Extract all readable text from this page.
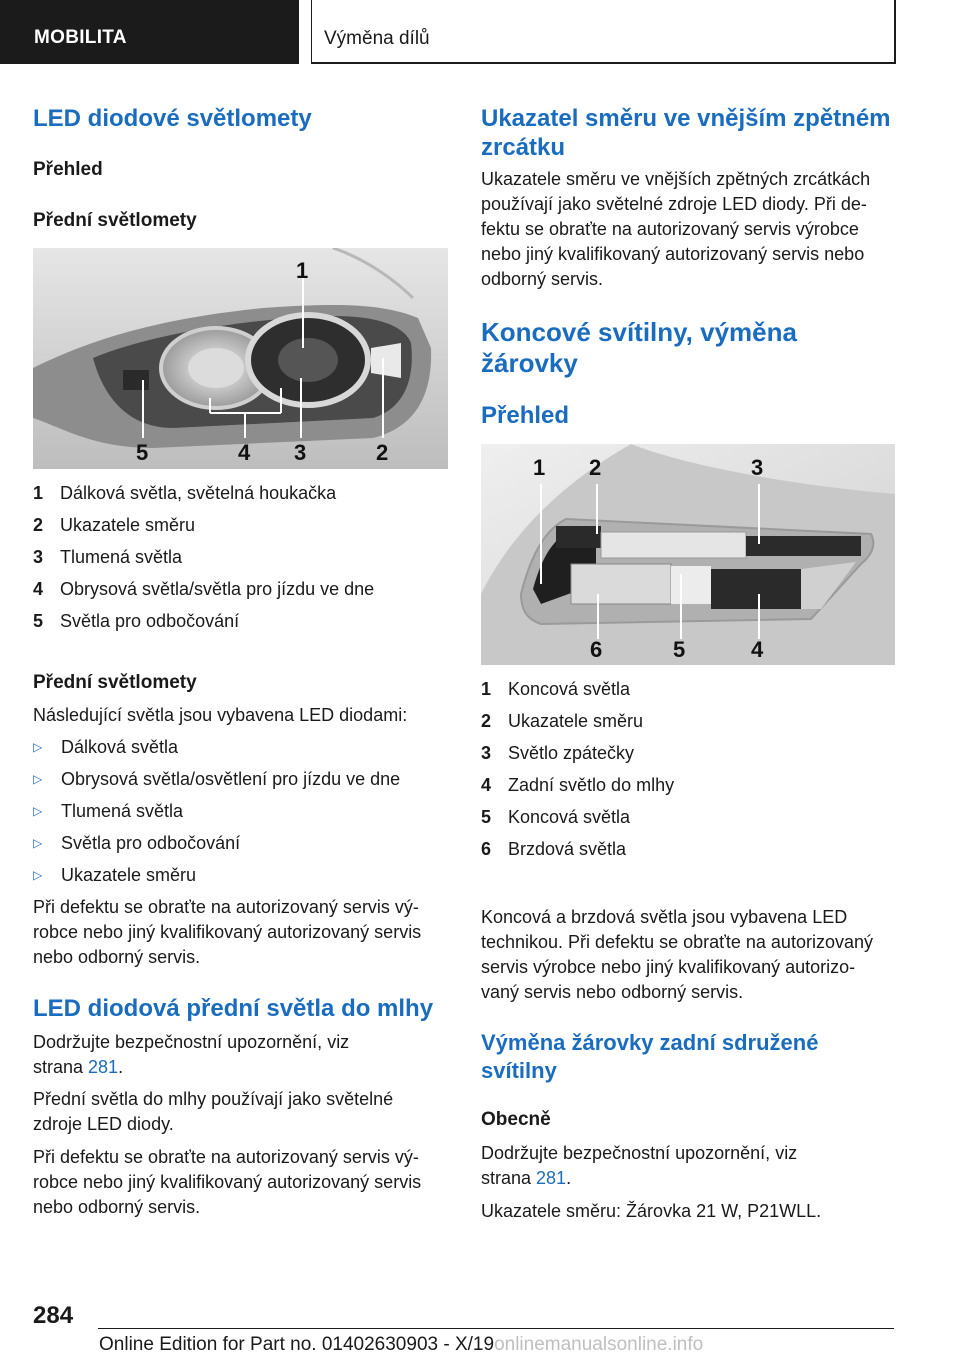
MOBILITA	Výměna dílů
LED diodové světlomety

Přehled

Přední světlomety

1
5	4 3	2
1 Dálková světla, světelná houkačka
2 Ukazatele směru
3 Tlumená světla
4 Obrysová světla/světla pro jízdu ve dne
5 Světla pro odbočování

Přední světlomety

Následující světla jsou vybavena LED diodami:

▷	Dálková světla
▷	Obrysová světla/osvětlení pro jízdu ve dne
▷	Tlumená světla
▷	Světla pro odbočování
▷	Ukazatele směru

Při defektu se obraťte na autorizovaný servis vý-
robce nebo jiný kvalifikovaný autorizovaný servis
nebo odborný servis.

LED diodová přední světla do mlhy

Dodržujte bezpečnostní upozornění, viz
strana 281.

Přední světla do mlhy používají jako světelné
zdroje LED diody.

Při defektu se obraťte na autorizovaný servis vý-
robce nebo jiný kvalifikovaný autorizovaný servis
nebo odborný servis.

Ukazatel směru ve vnějším zpětném
zrcátku

Ukazatele směru ve vnějších zpětných zrcátkách
používají jako světelné zdroje LED diody. Při de-
fektu se obraťte na autorizovaný servis výrobce
nebo jiný kvalifikovaný autorizovaný servis nebo
odborný servis.

Koncové svítilny, výměna
žárovky
Přehled
1 2	3
6	5	4
1 Koncová světla
2 Ukazatele směru
3 Světlo zpátečky
4 Zadní světlo do mlhy
5 Koncová světla
6 Brzdová světla

Koncová a brzdová světla jsou vybavena LED
technikou. Při defektu se obraťte na autorizovaný
servis výrobce nebo jiný kvalifikovaný autorizo-
vaný servis nebo odborný servis.

Výměna žárovky zadní sdružené
svítilny

Obecně

Dodržujte bezpečnostní upozornění, viz
strana 281.

Ukazatele směru: Žárovka 21 W, P21WLL.

284
Online Edition for Part no. 01402630903 - X/19onlinemanualsonline.info
